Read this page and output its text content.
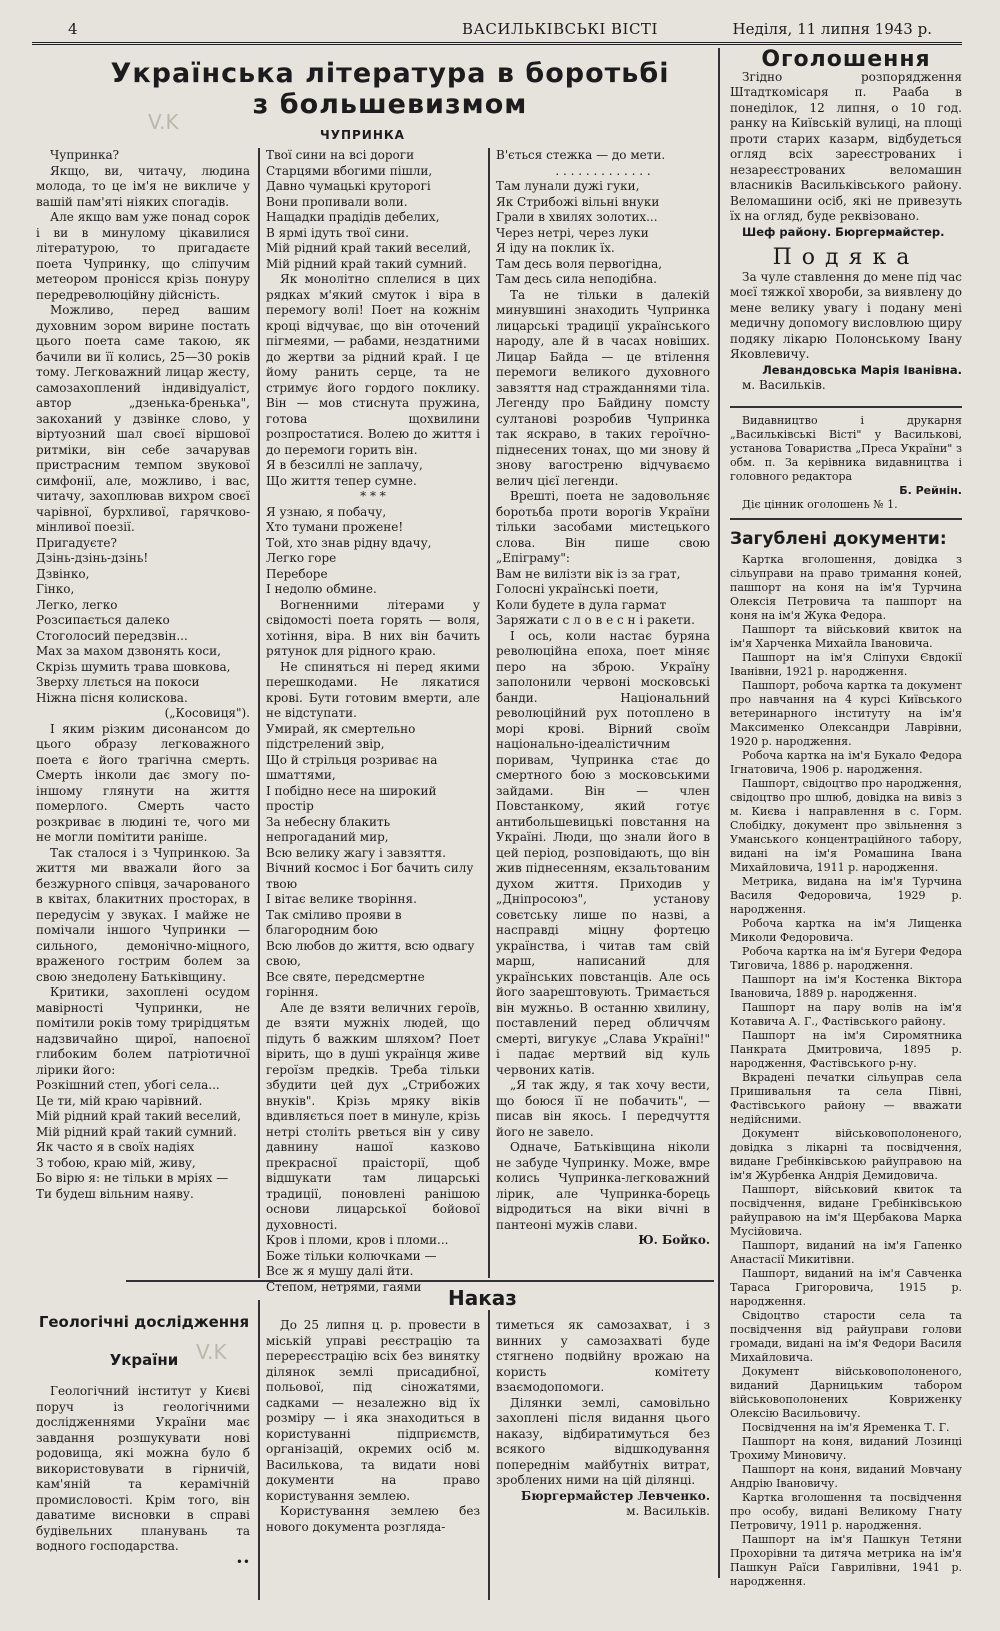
4	ВАСИЛЬКІВСЬКІ ВІСТІ	Неділя, 11 липня 1943 р.
Українська література в боротьбі
з большевизмом
ЧУПРИНКА
V.K

Чупринка?

Якщо, ви, читачу, людина молода, то це ім'я не викличе у вашій пам'яті ніяких спогадів.

Але якщо вам уже понад сорок і ви в минулому цікавилися літературою, то пригадаєте поета Чупринку, що сліпучим метеором пронісся крізь понуру передреволюційну дійсність.

Можливо, перед вашим духовним зором вирине постать цього поета саме такою, як бачили ви її колись, 25—30 років тому. Легковажний лицар жесту, самозахоплений індивідуаліст, автор „дзенька-бренька", закоханий у дзвінке слово, у віртуозний шал своєї віршової ритміки, він себе зачарував пристрасним темпом звукової симфонії, але, можливо, і вас, читачу, захоплював вихром своєї чарівної, бурхливої, гарячково-мінливої поезії.

Пригадуєте?

Дзінь-дзінь-дзінь!

Дзвінко,

Гінко,

Легко, легко

Розсипається далеко

Стоголосий передзвін...

Мах за махом дзвонять коси,

Скрізь шумить трава шовкова,

Зверху ллється на покоси

Ніжна пісня колискова.

(„Косовиця").

І яким різким дисонансом до цього образу легковажного поета є його трагічна смерть. Смерть інколи дає змогу по-іншому глянути на життя померлого. Смерть часто розкриває в людині те, чого ми не могли помітити раніше.

Так сталося і з Чупринкою. За життя ми вважали його за безжурного співця, зачарованого в квітах, блакитних просторах, в передусім у звуках. І майже не помічали іншого Чупринки — сильного, демонічно-міцного, враженого гострим болем за свою знедолену Батьківщину.

Критики, захоплені осудом мавірності Чупринки, не помітили років тому трирідцятьм надзвичайно щирої, напоєної глибоким болем патріотичної лірики його:

Розкішний степ, убогі села...

Це ти, мій краю чарівний.

Мій рідний край такий веселий,

Мій рідний край такий сумний.

Як часто я в своїх надіях

З тобою, краю мій, живу,

Бо вірю я: не тільки в мріях —

Ти будеш вільним наяву.

Твої сини на всі дороги

Старцями вбогими пішли,

Давно чумацькі круторогі

Вони пропивали воли.

Нащадки прадідів дебелих,

В ярмі ідуть твої сини.

Мій рідний край такий веселий,

Мій рідний край такий сумний.

Як монолітно сплелися в цих рядках м'який смуток і віра в перемогу волі! Поет на кожнім кроці відчуває, що він оточений пігмеями, — рабами, нездатними до жертви за рідний край. І це йому ранить серце, та не стримує його гордого поклику. Він — мов стиснута пружина, готова щохвилини розпростатися. Волею до життя і до перемоги горить він.

Я в безсиллі не заплачу,

Що життя тепер сумне.

* * *

Я узнаю, я побачу,

Хто тумани прожене!

Той, хто знав рідну вдачу,

Легко горе

Переборе

І недолю обмине.

Вогненними літерами у свідомості поета горять — воля, хотіння, віра. В них він бачить рятунок для рідного краю.

Не спиняться ні перед якими перешкодами. Не лякатися крові. Бути готовим вмерти, але не відступати.

Умирай, як смертельно підстрелений звір,

Що й стрільця розриває на шматтями,

І побідно несе на широкий простір

За небесну блакить непрогаданий мир,

Всю велику жагу і завзяття.

Вічний космос і Бог бачить силу твою

І вітає велике творіння.

Так сміливо прояви в благородним бою

Всю любов до життя, всю одвагу свою,

Все святе, передсмертне горіння.

Але де взяти величних героїв, де взяти мужніх людей, що підуть б важким шляхом? Поет вірить, що в душі українця живе героїзм предків. Треба тільки збудити цей дух „Стрибожих внуків". Крізь мряку віків вдивляється поет в минуле, крізь нетрі століть рветься він у сиву давнину нашої казково прекрасної праісторії, щоб відшукати там лицарські традиції, поновлені ранішою основи лицарської бойової духовності.

Кров і пломи, кров і пломи...

Боже тільки колючками —

Все ж я мушу далі йти.

Степом, нетрями, гаями

В'ється стежка — до мети.

. . . . . . . . . . . . .

Там лунали дужі гуки,

Як Стрибожі вільні внуки

Грали в хвилях золотих...

Через нетрі, через луки

Я іду на поклик їх.

Там десь воля первогідна,

Там десь сила неподібна.

Та не тільки в далекій минувшині знаходить Чупринка лицарські традиції українського народу, але й в часах новіших. Лицар Байда — це втілення перемоги великого духовного завзяття над стражданнями тіла. Легенду про Байдину помсту султанові розробив Чупринка так яскраво, в таких героїчно-піднесених тонах, що ми знову й знову вагостреню відчуваємо велич цієї легенди.

Врешті, поета не задовольняє боротьба проти ворогів України тільки засобами мистецького слова. Він пише свою „Епіграму":

Вам не вилізти вік із за грат,

Голосні українські поети,

Коли будете в дула гармат

Заряжати с л о в е с н і ракети.

І ось, коли настає буряна революційна епоха, поет міняє перо на зброю. Україну заполонили червоні московські банди. Національний революційний рух потоплено в морі крові. Вірний своїм національно-ідеалістичним поривам, Чупринка стає до смертного бою з московськими зайдами. Він — член Повстанкому, який готує антибольшевицькі повстання на Україні. Люди, що знали його в цей період, розповідають, що він жив піднесенням, екзальтованим духом життя. Приходив у „Дніпросоюз", установу совєтську лише по назві, а насправді міцну фортецю українства, і читав там свій марш, написаний для українських повстанців. Але ось його заарештовують. Тримається він мужньо. В останню хвилину, поставлений перед обличчям смерті, вигукує „Слава Україні!" і падає мертвий від куль червоних катів.

„Я так жду, я так хочу вести, що боюся її не побачить", — писав він якось. І передчуття його не завело.

Одначе, Батьківщина ніколи не забуде Чупринку. Може, вмре колись Чупринка-легковажний лірик, але Чупринка-борець відродиться на віки вічні в пантеоні мужів слави.

Ю. Бойко.

Оголошення

Згідно розпорядження Штадткомісаря п. Рааба в понеділок, 12 липня, о 10 год. ранку на Київській вулиці, на площі проти старих казарм, відбудеться огляд всіх зареєстрованих і незареєстрованих веломашин власників Васильківського району. Веломашини осіб, які не привезуть їх на огляд, буде реквізовано.

Шеф району. Бюргермайстер.

Подяка

За чуле ставлення до мене під час моєї тяжкої хвороби, за виявлену до мене велику увагу і подану мені медичну допомогу висловлюю щиру подяку лікарю Полонському Івану Яковлевичу.

Левандовська Марія Іванівна.

м. Васильків.

Видавництво і друкарня „Васильківські Вісті" у Василькові, установа Товариства „Преса України" з обм. п. За керівника видавництва і головного редактора

Б. Рейнін.

Діє цінник оголошень № 1.

Загублені документи:

Картка вголошення, довідка з сільуправи на право тримання коней, пашпорт на коня на ім'я Турчина Олексія Петровича та пашпорт на коня на ім'я Жука Федора.

Пашпорт та військовий квиток на ім'я Харченка Михайла Івановича.

Пашпорт на ім'я Сліпухи Євдокії Іванівни, 1921 р. народження.

Пашпорт, робоча картка та документ про навчання на 4 курсі Київського ветеринарного інституту на ім'я Максименко Олександри Лаврівни, 1920 р. народження.

Робоча картка на ім'я Букало Федора Ігнатовича, 1906 р. народження.

Пашпорт, свідоцтво про народження, свідоцтво про шлюб, довідка на вивіз з м. Києва і направлення в с. Горм. Слобідку, документ про звільнення з Уманського концентраційного табору, видані на ім'я Ромашина Івана Михайловича, 1911 р. народження.

Метрика, видана на ім'я Турчина Василя Федоровича, 1929 р. народження.

Робоча картка на ім'я Лищенка Миколи Федоровича.

Робоча картка на ім'я Бугери Федора Тиговича, 1886 р. народження.

Пашпорт на ім'я Костенка Віктора Івановича, 1889 р. народження.

Пашпорт на пару волів на ім'я Котавича А. Г., Фастівського району.

Пашпорт на ім'я Сиромятника Панкрата Дмитровича, 1895 р. народження, Фастівського р-ну.

Вкрадені печатки сільуправ села Пришивальня та села Півні, Фастівського району — вважати недійсними.

Документ військовополоненого, довідка з лікарні та посвідчення, видане Гребінківською райуправою на ім'я Журбенка Андрія Демидовича.

Пашпорт, військовий квиток та посвідчення, видане Гребінківською райуправою на ім'я Щербакова Марка Мусійовича.

Пашпорт, виданий на ім'я Гапенко Анастасії Микитівни.

Пашпорт, виданий на ім'я Савченка Тараса Григоровича, 1915 р. народження.

Свідоцтво старости села та посвідчення від райуправи голови громади, видані на ім'я Федори Василя Михайловича.

Документ військовополоненого, виданий Дарницьким табором військовополонених Ковриженку Олексію Васильовичу.

Посвідчення на ім'я Яременка Т. Г.

Пашпорт на коня, виданий Лозинці Трохиму Миновичу.

Пашпорт на коня, виданий Мовчану Андрію Івановичу.

Картка вголошення та посвідчення про особу, видані Великому Гнату Петровичу, 1911 р. народження.

Пашпорт на ім'я Пашкун Тетяни Прохорівни та дитяча метрика на ім'я Пашкун Раїси Гаврилівни, 1941 р. народження.

Геологічні дослідження
України V.K

Геологічний інститут у Києві поруч із геологічними дослідженнями України має завдання розшукувати нові родовища, які можна було б використовувати в гірничій, кам'яній та керамічній промисловості. Крім того, він даватиме висновки в справі будівельних планувань та водного господарства.

••

Наказ

До 25 липня ц. р. провести в міській управі реєстрацію та перереєстрацію всіх без винятку ділянок землі присадибної, польової, під сіножатями, садками — незалежно від їх розміру — і яка знаходиться в користуванні підприємств, організацій, окремих осіб м. Василькова, та видати нові документи на право користування землею.

Користування землею без нового документа розгляда-

тиметься як самозахват, і з винних у самозахваті буде стягнено подвійну врожаю на користь комітету взаємодопомоги.

Ділянки землі, самовільно захоплені після видання цього наказу, відбиратимуться без всякого відшкодування попереднім майбутніх витрат, зроблених ними на цій ділянці.

Бюргермайстер Левченко.

м. Васильків.
